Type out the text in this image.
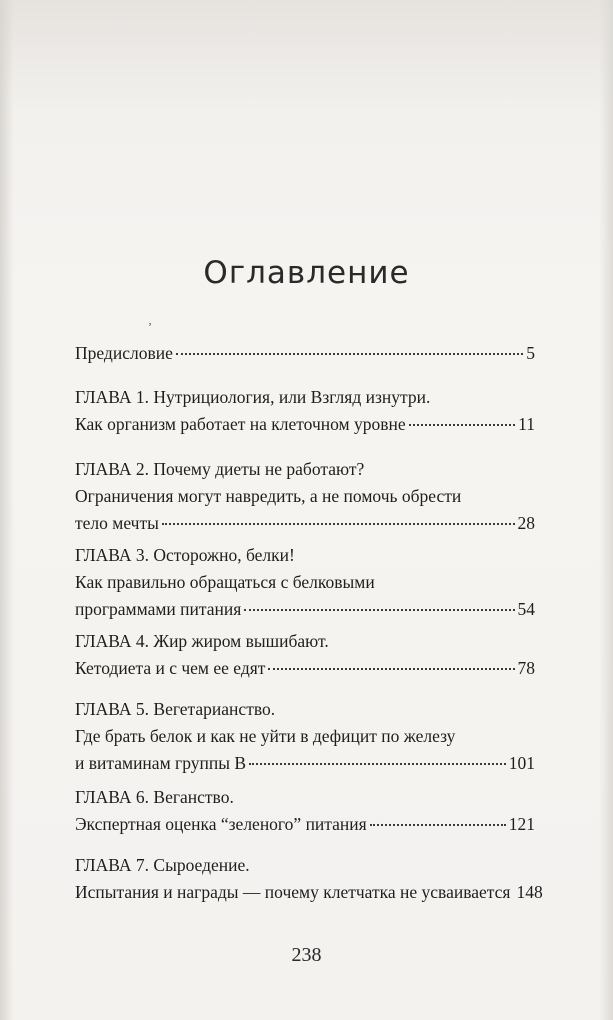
Оглавление
ʼ
Предисловие	5
ГЛАВА 1. Нутрициология, или Взгляд изнутри.
Как организм работает на клеточном уровне	11
ГЛАВА 2. Почему диеты не работают?
Ограничения могут навредить, а не помочь обрести
тело мечты	28
ГЛАВА 3. Осторожно, белки!
Как правильно обращаться с белковыми
программами питания	54
ГЛАВА 4. Жир жиром вышибают.
Кетодиета и с чем ее едят	78
ГЛАВА 5. Вегетарианство.
Где брать белок и как не уйти в дефицит по железу
и витаминам группы В	101
ГЛАВА 6. Веганство.
Экспертная оценка “зеленого” питания	121
ГЛАВА 7. Сыроедение.
Испытания и награды — почему клетчатка не усваивается 148
238
